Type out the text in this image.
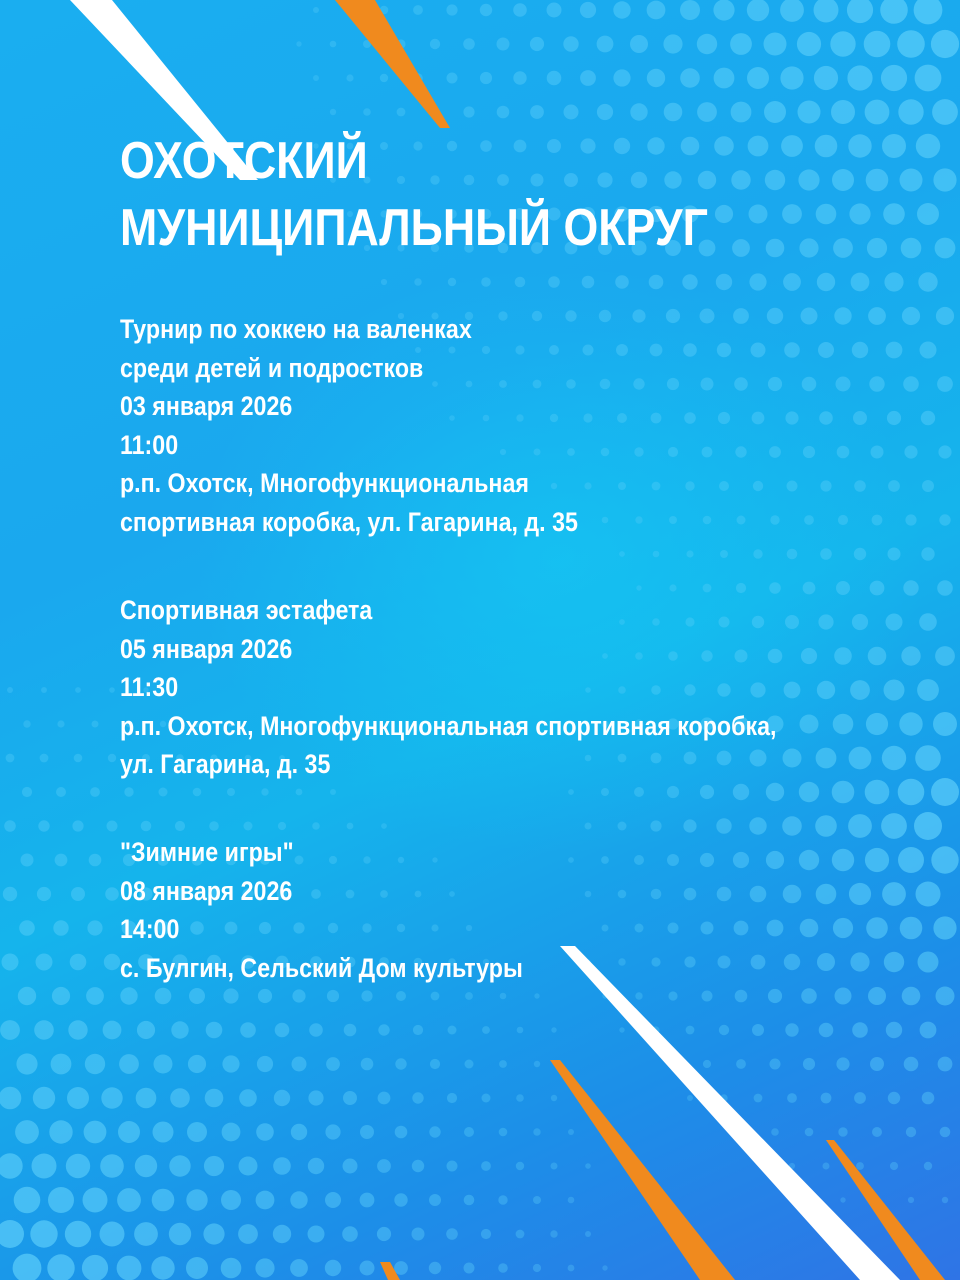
ОХОТСКИЙ
МУНИЦИПАЛЬНЫЙ ОКРУГ
Турнир по хоккею на валенках
среди детей и подростков
03 января 2026
11:00
р.п. Охотск, Многофункциональная
спортивная коробка, ул. Гагарина, д. 35
Спортивная эстафета
05 января 2026
11:30
р.п. Охотск, Многофункциональная спортивная коробка,
ул. Гагарина, д. 35
"Зимние игры"
08 января 2026
14:00
с. Булгин, Сельский Дом культуры
